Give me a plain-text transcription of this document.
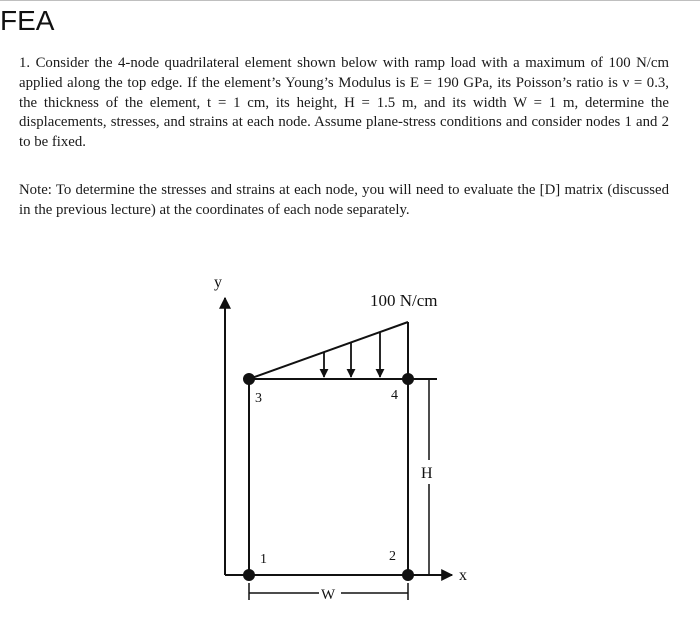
FEA

1. Consider the 4-node quadrilateral element shown below with ramp load with a maximum of 100 N/cm applied along the top edge. If the element’s Young’s Modulus is E = 190 GPa, its Poisson’s ratio is ν = 0.3, the thickness of the element, t = 1 cm, its height, H = 1.5 m, and its width W = 1 m, determine the displacements, stresses, and strains at each node. Assume plane-stress conditions and consider nodes 1 and 2 to be fixed.

Note: To determine the stresses and strains at each node, you will need to evaluate the [D] matrix (discussed in the previous lecture) at the coordinates of each node separately.

y
x
100 N/cm
H
W
1	2
3	4
